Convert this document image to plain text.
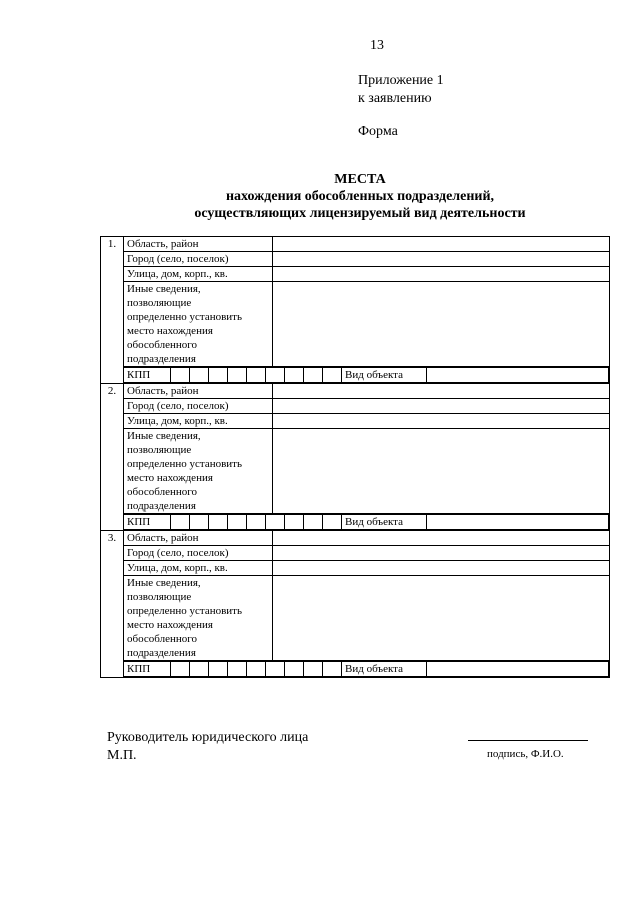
13
Приложение 1
к заявлению
Форма
МЕСТА
нахождения обособленных подразделений,
осуществляющих лицензируемый вид деятельности
1.	Область, район	
Город (село, поселок)	
Улица, дом, корп., кв.	

Иные сведения,
позволяющие
определенно установить
место нахождения
обособленного
подразделения

КПП										Вид объекта	

2.	Область, район	
Город (село, поселок)	
Улица, дом, корп., кв.	

Иные сведения,
позволяющие
определенно установить
место нахождения
обособленного
подразделения

КПП										Вид объекта	

3.	Область, район	
Город (село, поселок)	
Улица, дом, корп., кв.	

Иные сведения,
позволяющие
определенно установить
место нахождения
обособленного
подразделения

КПП										Вид объекта	
Руководитель юридического лица
М.П.	подпись, Ф.И.О.
